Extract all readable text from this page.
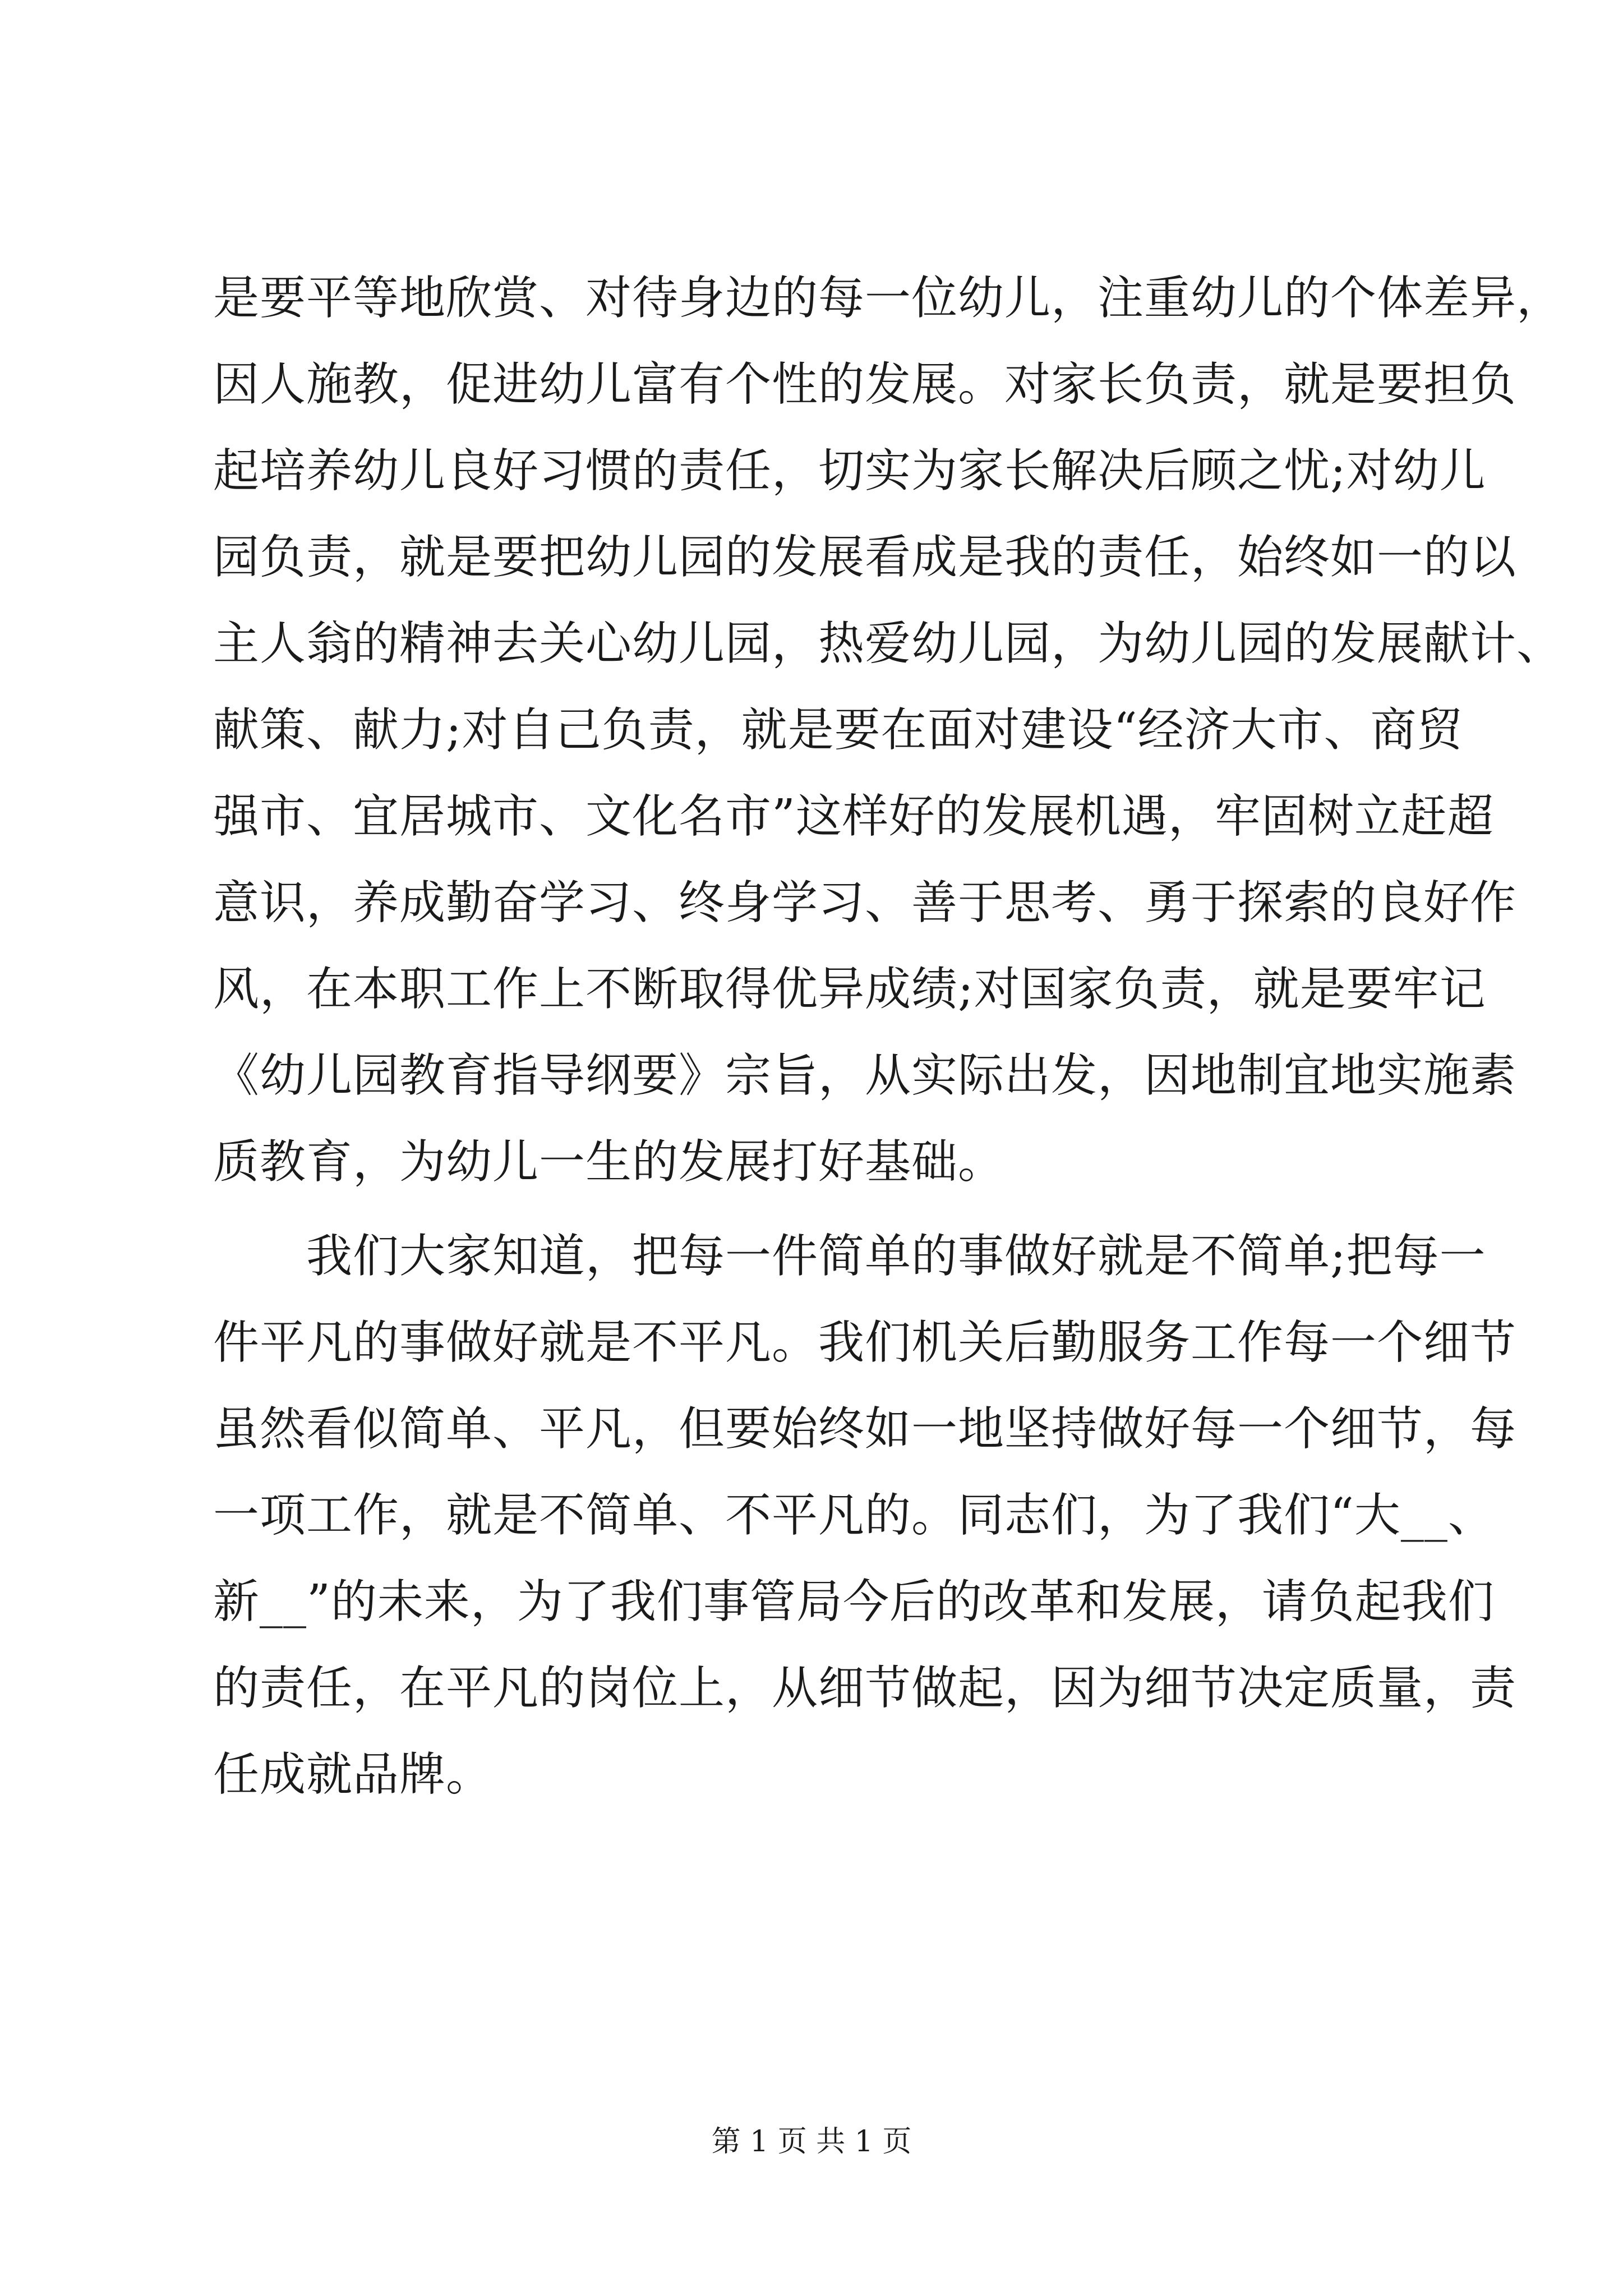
是要平等地欣赏、对待身边的每一位幼儿，注重幼儿的个体差异，
因人施教，促进幼儿富有个性的发展。对家长负责，就是要担负
起培养幼儿良好习惯的责任，切实为家长解决后顾之忧;对幼儿
园负责，就是要把幼儿园的发展看成是我的责任，始终如一的以
主人翁的精神去关心幼儿园，热爱幼儿园，为幼儿园的发展献计、
献策、献力;对自己负责，就是要在面对建设“经济大市、商贸
强市、宜居城市、文化名市”这样好的发展机遇，牢固树立赶超
意识，养成勤奋学习、终身学习、善于思考、勇于探索的良好作
风，在本职工作上不断取得优异成绩;对国家负责，就是要牢记
《幼儿园教育指导纲要》宗旨，从实际出发，因地制宜地实施素
质教育，为幼儿一生的发展打好基础。
　　我们大家知道，把每一件简单的事做好就是不简单;把每一
件平凡的事做好就是不平凡。我们机关后勤服务工作每一个细节
虽然看似简单、平凡，但要始终如一地坚持做好每一个细节，每
一项工作，就是不简单、不平凡的。同志们，为了我们“大__、
新__”的未来，为了我们事管局今后的改革和发展，请负起我们
的责任，在平凡的岗位上，从细节做起，因为细节决定质量，责
任成就品牌。
第 1 页 共 1 页
